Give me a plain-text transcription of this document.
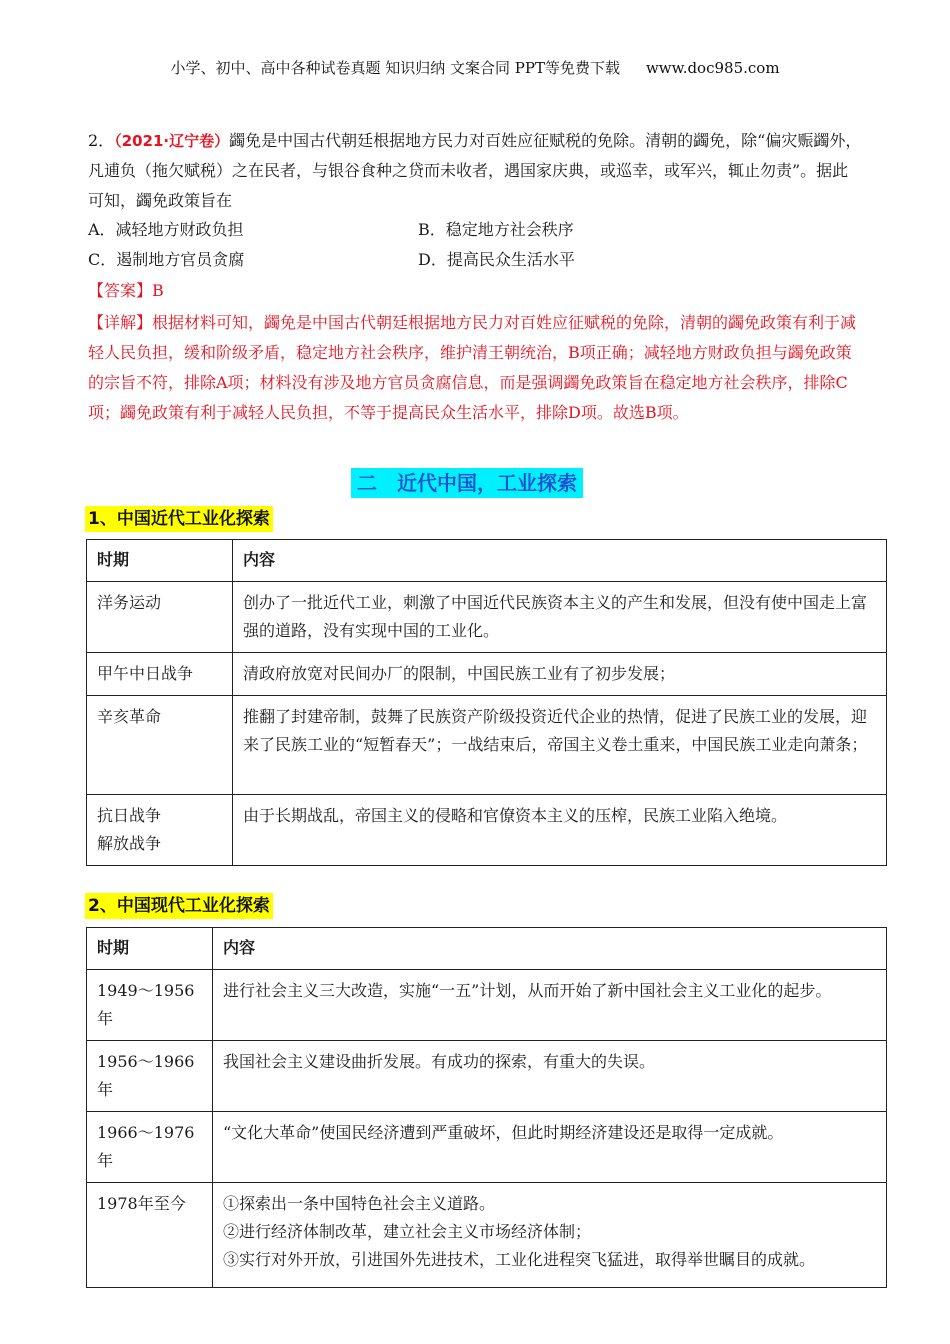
小学、初中、高中各种试卷真题 知识归纳 文案合同 PPT等免费下载 www.doc985.com
2．（2021·辽宁卷）蠲免是中国古代朝廷根据地方民力对百姓应征赋税的免除。清朝的蠲免，除“偏灾赈蠲外，凡逋负（拖欠赋税）之在民者，与银谷食种之贷而未收者，遇国家庆典，或巡幸，或军兴，辄止勿责”。据此可知，蠲免政策旨在
A．减轻地方财政负担	B．稳定地方社会秩序
C．遏制地方官员贪腐	D．提高民众生活水平
【答案】B
【详解】根据材料可知，蠲免是中国古代朝廷根据地方民力对百姓应征赋税的免除，清朝的蠲免政策有利于减轻人民负担，缓和阶级矛盾，稳定地方社会秩序，维护清王朝统治，B项正确；减轻地方财政负担与蠲免政策的宗旨不符，排除A项；材料没有涉及地方官员贪腐信息，而是强调蠲免政策旨在稳定地方社会秩序，排除C项；蠲免政策有利于减轻人民负担，不等于提高民众生活水平，排除D项。故选B项。
二　近代中国，工业探索
1、中国近代工业化探索
时期	内容
洋务运动	创办了一批近代工业，刺激了中国近代民族资本主义的产生和发展，但没有使中国走上富强的道路，没有实现中国的工业化。
甲午中日战争	清政府放宽对民间办厂的限制，中国民族工业有了初步发展；
辛亥革命	推翻了封建帝制，鼓舞了民族资产阶级投资近代企业的热情，促进了民族工业的发展，迎来了民族工业的“短暂春天”；一战结束后，帝国主义卷土重来，中国民族工业走向萧条；

抗日战争
解放战争	由于长期战乱，帝国主义的侵略和官僚资本主义的压榨，民族工业陷入绝境。
2、中国现代工业化探索
时期	内容
1949～1956年	进行社会主义三大改造，实施“一五”计划，从而开始了新中国社会主义工业化的起步。
1956～1966年	我国社会主义建设曲折发展。有成功的探索，有重大的失误。
1966～1976年	“文化大革命”使国民经济遭到严重破坏，但此时期经济建设还是取得一定成就。
1978年至今	①探索出一条中国特色社会主义道路。
②进行经济体制改革，建立社会主义市场经济体制；
③实行对外开放，引进国外先进技术，工业化进程突飞猛进，取得举世瞩目的成就。
